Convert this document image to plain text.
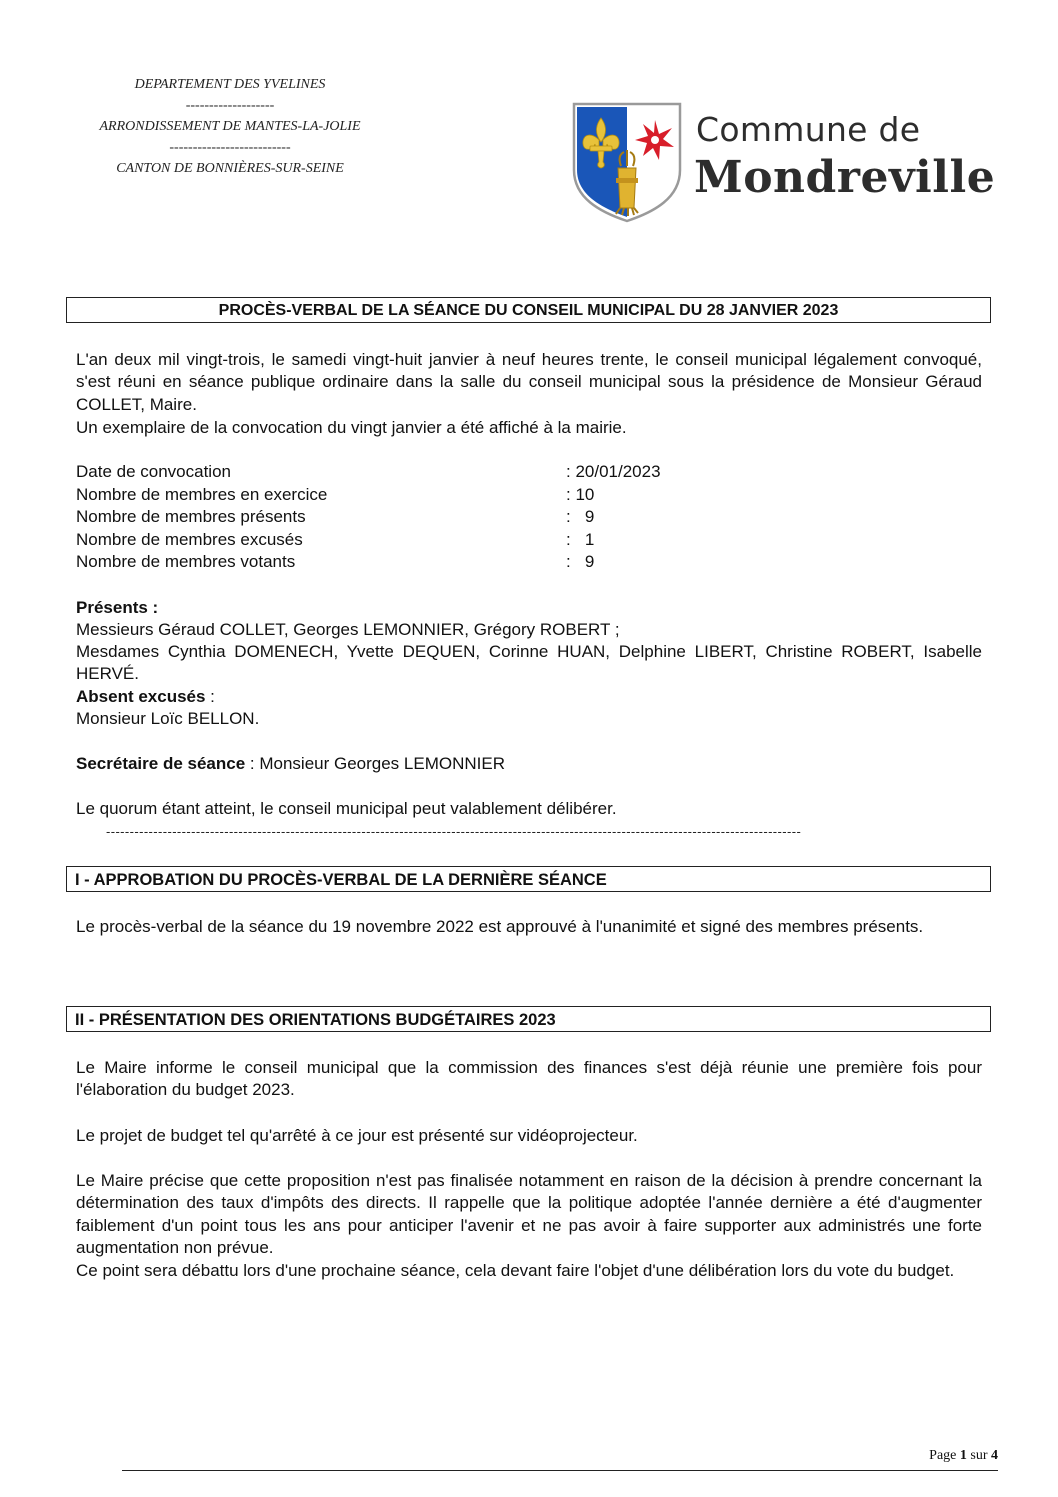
DEPARTEMENT DES YVELINES
-------------------
ARRONDISSEMENT DE MANTES-LA-JOLIE
--------------------------
CANTON DE BONNIÈRES-SUR-SEINE
Commune de
Mondreville
PROCÈS-VERBAL DE LA SÉANCE DU CONSEIL MUNICIPAL DU 28 JANVIER 2023

L'an deux mil vingt-trois, le samedi vingt-huit janvier à neuf heures trente, le conseil municipal légalement convoqué, s'est réuni en séance publique ordinaire dans la salle du conseil municipal sous la présidence de Monsieur Géraud COLLET, Maire.

Un exemplaire de la convocation du vingt janvier a été affiché à la mairie.

Date de convocation	: 20/01/2023
Nombre de membres en exercice	: 10
Nombre de membres présents	:   9
Nombre de membres excusés	:   1
Nombre de membres votants	:   9
Présents :

Messieurs Géraud COLLET, Georges LEMONNIER, Grégory ROBERT ;

Mesdames Cynthia DOMENECH, Yvette DEQUEN, Corinne HUAN, Delphine LIBERT, Christine ROBERT, Isabelle HERVÉ.

Absent excusés :

Monsieur Loïc BELLON.

Secrétaire de séance : Monsieur Georges LEMONNIER

Le quorum étant atteint, le conseil municipal peut valablement délibérer.

---------------------------------------------------------------------------------------------------------------------------------------------------
I - APPROBATION DU PROCÈS-VERBAL DE LA DERNIÈRE SÉANCE

Le procès-verbal de la séance du 19 novembre 2022 est approuvé à l'unanimité et signé des membres présents.

II - PRÉSENTATION DES ORIENTATIONS BUDGÉTAIRES 2023

Le Maire informe le conseil municipal que la commission des finances s'est déjà réunie une première fois pour l'élaboration du budget 2023.

Le projet de budget tel qu'arrêté à ce jour est présenté sur vidéoprojecteur.

Le Maire précise que cette proposition n'est pas finalisée notamment en raison de la décision à prendre concernant la détermination des taux d'impôts des directs. Il rappelle que la politique adoptée l'année dernière a été d'augmenter faiblement d'un point tous les ans pour anticiper l'avenir et ne pas avoir à faire supporter aux administrés une forte augmentation non prévue.

Ce point sera débattu lors d'une prochaine séance, cela devant faire l'objet d'une délibération lors du vote du budget.

Page 1 sur 4
